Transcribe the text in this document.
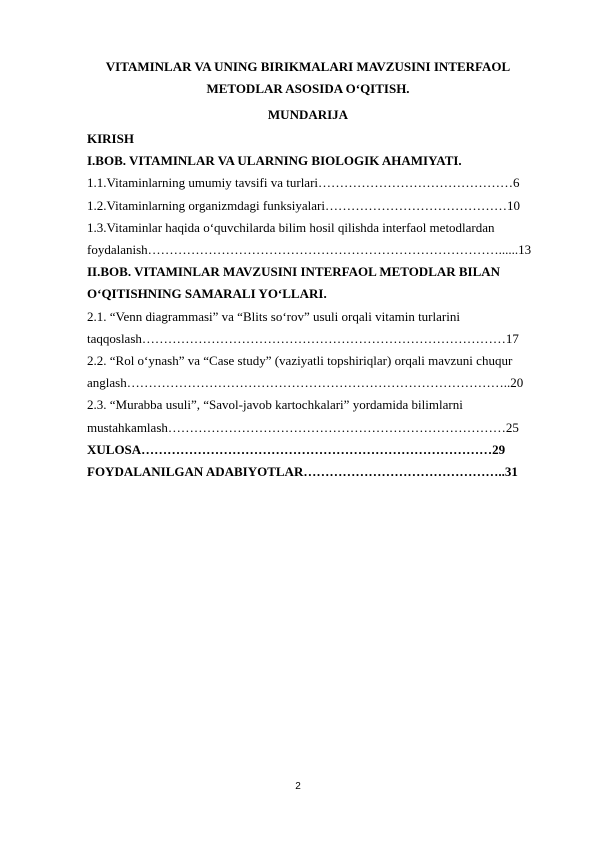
VITAMINLAR VA UNING BIRIKMALARI MAVZUSINI INTERFAOL
METODLAR ASOSIDA O‘QITISH.
MUNDARIJA
KIRISH
I.BOB. VITAMINLAR VA ULARNING BIOLOGIK AHAMIYATI.
1.1.Vitaminlarning umumiy tavsifi va turlari………………………………………6
1.2.Vitaminlarning organizmdagi funksiyalari……………………………………10
1.3.Vitaminlar haqida o‘quvchilarda bilim hosil qilishda interfaol metodlardan
foydalanish………………………………………………………………………......13
II.BOB. VITAMINLAR MAVZUSINI INTERFAOL METODLAR BILAN
O‘QITISHNING SAMARALI YO‘LLARI.
2.1. “Venn diagrammasi” va “Blits so‘rov” usuli orqali vitamin turlarini
taqqoslash…………………………………………………………………………17
2.2. “Rol o‘ynash” va “Case study” (vaziyatli topshiriqlar) orqali mavzuni chuqur
anglash……………………………………………………………………………..20
2.3. “Murabba usuli”, “Savol-javob kartochkalari” yordamida bilimlarni
mustahkamlash……………………………………………………………………25
XULOSA………………………………………………………………………29
FOYDALANILGAN ADABIYOTLAR………………………………………..31
2
